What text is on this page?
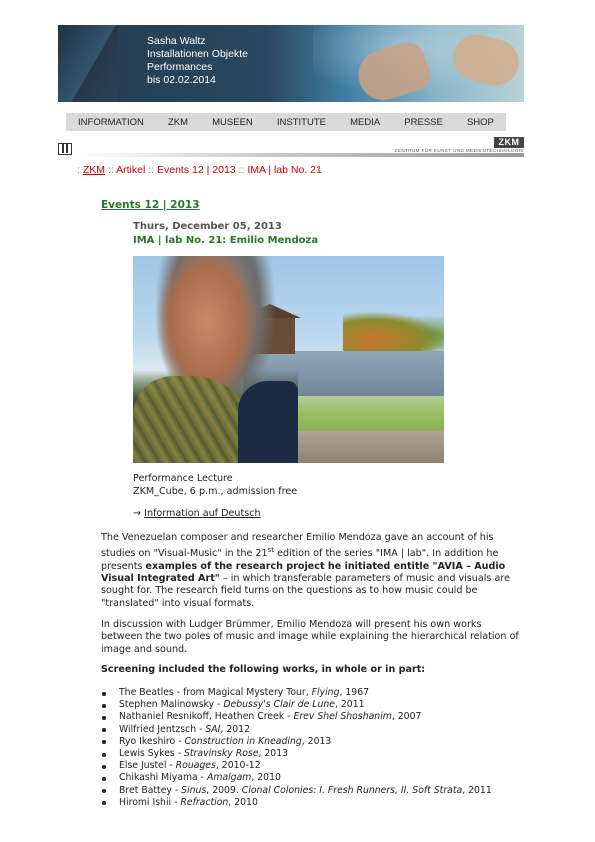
Sasha Waltz
Installationen Objekte
Performances
bis 02.02.2014
INFORMATION	ZKM	MUSEEN	INSTITUTE	MEDIA	PRESSE	SHOP
ZKM
ZENTRUM FÜR KUNST UND MEDIENTECHNOLOGIE
: ZKM :: Artikel :: Events 12 | 2013 :: IMA | lab No. 21
Events 12 | 2013
Thurs, December 05, 2013
IMA | lab No. 21: Emilio Mendoza
Performance Lecture
ZKM_Cube, 6 p.m., admission free
→ Information auf Deutsch
The Venezuelan composer and researcher Emilio Mendoza gave an account of his studies on "Visual-Music" in the 21st edition of the series "IMA | lab". In addition he presents examples of the research project he initiated entitle "AVIA – Audio Visual Integrated Art" – in which transferable parameters of music and visuals are sought for. The research field turns on the questions as to how music could be "translated" into visual formats.
In discussion with Ludger Brümmer, Emilio Mendoza will present his own works between the two poles of music and image while explaining the hierarchical relation of image and sound.
Screening included the following works, in whole or in part:
The Beatles - from Magical Mystery Tour, Flying, 1967
Stephen Malinowsky - Debussy's Clair de Lune, 2011
Nathaniel Resnikoff, Heathen Creek - Erev Shel Shoshanim, 2007
Wilfried Jentzsch - SAI, 2012
Ryo Ikeshiro - Construction in Kneading, 2013
Lewis Sykes - Stravinsky Rose, 2013
Else Justel - Rouages, 2010-12
Chikashi Miyama - Amalgam, 2010
Bret Battey - Sinus, 2009. Clonal Colonies: I. Fresh Runners, II. Soft Strata, 2011
Hiromi Ishii - Refraction, 2010
